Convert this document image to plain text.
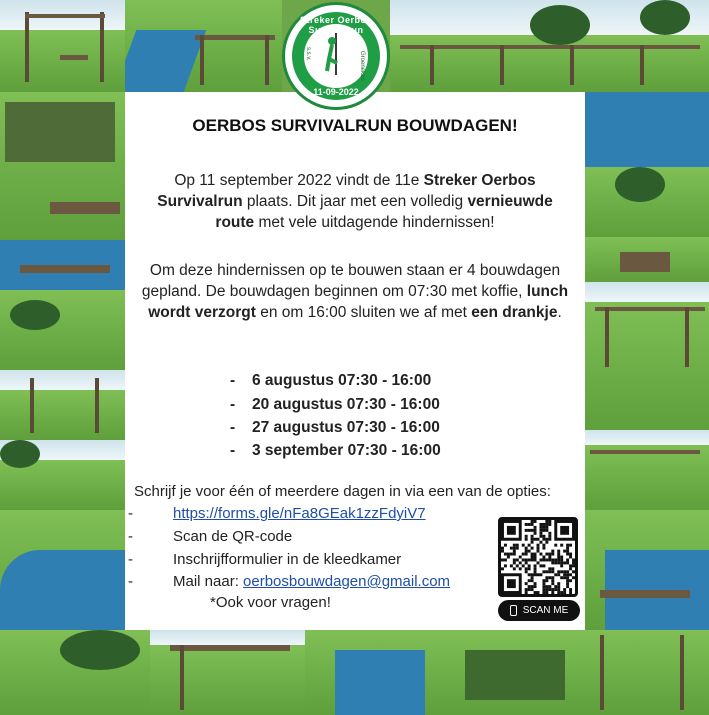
Streker Oerbos Survivalrun
s.s.v.	Groenekan
11-09-2022
OERBOS SURVIVALRUN BOUWDAGEN!
Op 11 september 2022 vindt de 11e Streker Oerbos Survivalrun plaats. Dit jaar met een volledig vernieuwde route met vele uitdagende hindernissen!
Om deze hindernissen op te bouwen staan er 4 bouwdagen gepland. De bouwdagen beginnen om 07:30 met koffie, lunch wordt verzorgt en om 16:00 sluiten we af met een drankje.
- 6 augustus 07:30 - 16:00
- 20 augustus 07:30 - 16:00
- 27 augustus 07:30 - 16:00
- 3 september 07:30 - 16:00
Schrijf je voor één of meerdere dagen in via een van de opties:
-	https://forms.gle/nFa8GEak1zzFdyiV7
-	Scan de QR-code
-	Inschrijfformulier in de kleedkamer
-	Mail naar: oerbosbouwdagen@gmail.com
*Ook voor vragen!	SCAN ME
